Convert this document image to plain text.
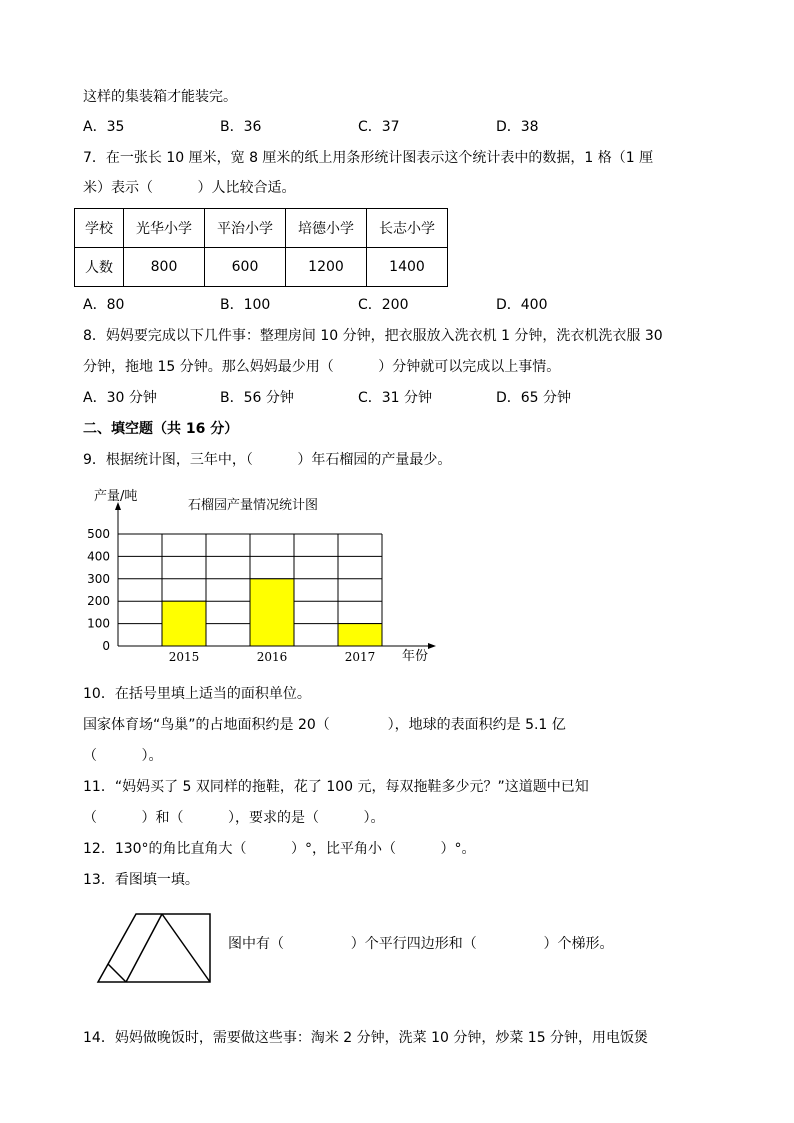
这样的集装箱才能装完。
A．35	B．36	C．37	D．38
7．在一张长 10 厘米，宽 8 厘米的纸上用条形统计图表示这个统计表中的数据，1 格（1 厘
米）表示（          ）人比较合适。
学校	光华小学	平治小学	培德小学	长志小学
人数	800	600	1200	1400
A．80	B．100	C．200	D．400
8．妈妈要完成以下几件事：整理房间 10 分钟，把衣服放入洗衣机 1 分钟，洗衣机洗衣服 30
分钟，拖地 15 分钟。那么妈妈最少用（          ）分钟就可以完成以上事情。
A．30 分钟	B．56 分钟	C．31 分钟	D．65 分钟
二、填空题（共 16 分）
9．根据统计图，三年中，（          ）年石榴园的产量最少。
0
100
200
300
400
500
2015	2016	2017
产量/吨
石榴园产量情况统计图
年份
10．在括号里填上适当的面积单位。
国家体育场“鸟巢”的占地面积约是 20（             ），地球的表面积约是 5.1 亿
（          ）。
11．“妈妈买了 5 双同样的拖鞋，花了 100 元，每双拖鞋多少元？”这道题中已知
（          ）和（          ），要求的是（          ）。
12．130°的角比直角大（          ）°，比平角小（          ）°。
13．看图填一填。
图中有（               ）个平行四边形和（               ）个梯形。
14．妈妈做晚饭时，需要做这些事：淘米 2 分钟，洗菜 10 分钟，炒菜 15 分钟，用电饭煲
